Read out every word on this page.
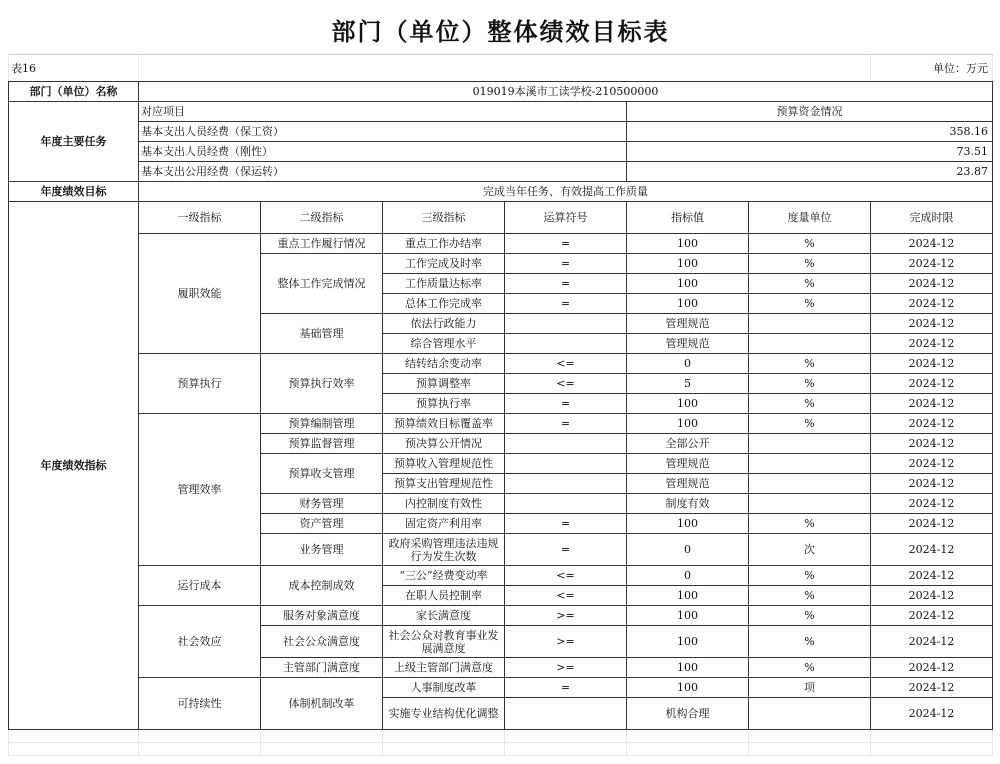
部门（单位）整体绩效目标表							
表16							单位：万元
部门（单位）名称	019019本溪市工读学校-210500000						
年度主要任务	对应项目				预算资金情况		
	基本支出人员经费（保工资）				358.16		
	基本支出人员经费（刚性）				73.51		
	基本支出公用经费（保运转）				23.87		
年度绩效目标	完成当年任务、有效提高工作质量						
年度绩效指标	一级指标	二级指标	三级指标	运算符号	指标值	度量单位	完成时限
	履职效能	重点工作履行情况	重点工作办结率	=	100	%	2024-12
		整体工作完成情况	工作完成及时率	=	100	%	2024-12
			工作质量达标率	=	100	%	2024-12
			总体工作完成率	=	100	%	2024-12
		基础管理	依法行政能力		管理规范		2024-12
			综合管理水平		管理规范		2024-12
	预算执行	预算执行效率	结转结余变动率	<=	0	%	2024-12
			预算调整率	<=	5	%	2024-12
			预算执行率	=	100	%	2024-12
	管理效率	预算编制管理	预算绩效目标覆盖率	=	100	%	2024-12
		预算监督管理	预决算公开情况		全部公开		2024-12
		预算收支管理	预算收入管理规范性		管理规范		2024-12
			预算支出管理规范性		管理规范		2024-12
		财务管理	内控制度有效性		制度有效		2024-12
		资产管理	固定资产利用率	=	100	%	2024-12
		业务管理	政府采购管理违法违规行为发生次数	=	0	次	2024-12
	运行成本	成本控制成效	“三公”经费变动率	<=	0	%	2024-12
			在职人员控制率	<=	100	%	2024-12
	社会效应	服务对象满意度	家长满意度	>=	100	%	2024-12
		社会公众满意度	社会公众对教育事业发展满意度	>=	100	%	2024-12
		主管部门满意度	上级主管部门满意度	>=	100	%	2024-12
	可持续性	体制机制改革	人事制度改革	=	100	项	2024-12
			实施专业结构优化调整		机构合理		2024-12
